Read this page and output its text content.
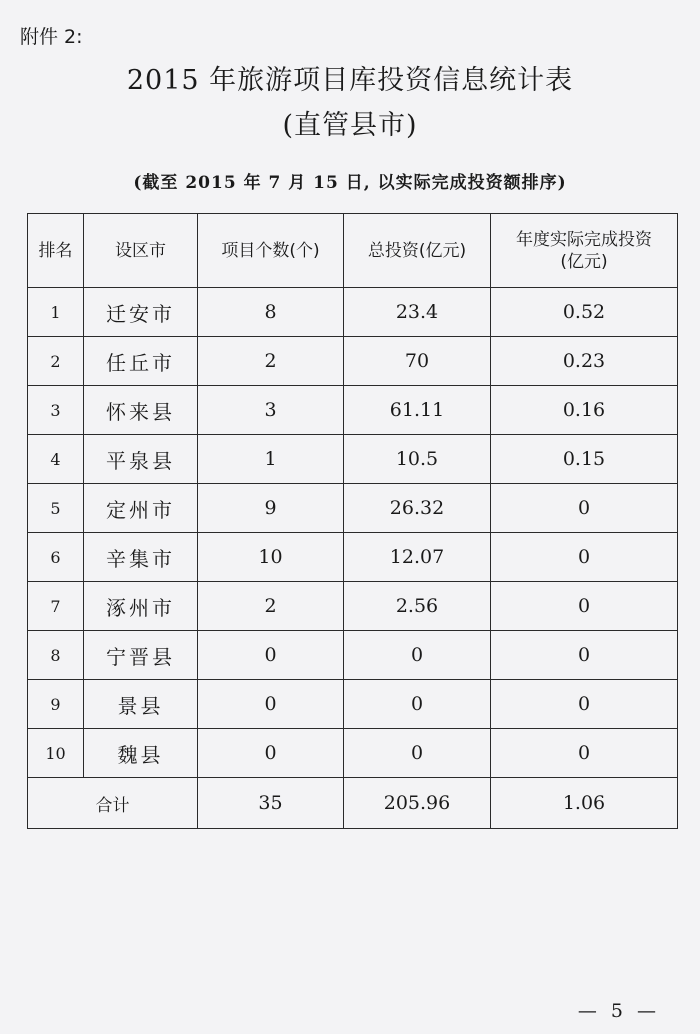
附件 2:
2015 年旅游项目库投资信息统计表
(直管县市)
(截至 2015 年 7 月 15 日, 以实际完成投资额排序)
排名	设区市	项目个数(个)	总投资(亿元)	年度实际完成投资
(亿元)
1	迁安市	8	23.4	0.52
2	任丘市	2	70	0.23
3	怀来县	3	61.11	0.16
4	平泉县	1	10.5	0.15
5	定州市	9	26.32	0
6	辛集市	10	12.07	0
7	涿州市	2	2.56	0
8	宁晋县	0	0	0
9	景县	0	0	0
10	魏县	0	0	0
合计		35	205.96	1.06
— 5 —
